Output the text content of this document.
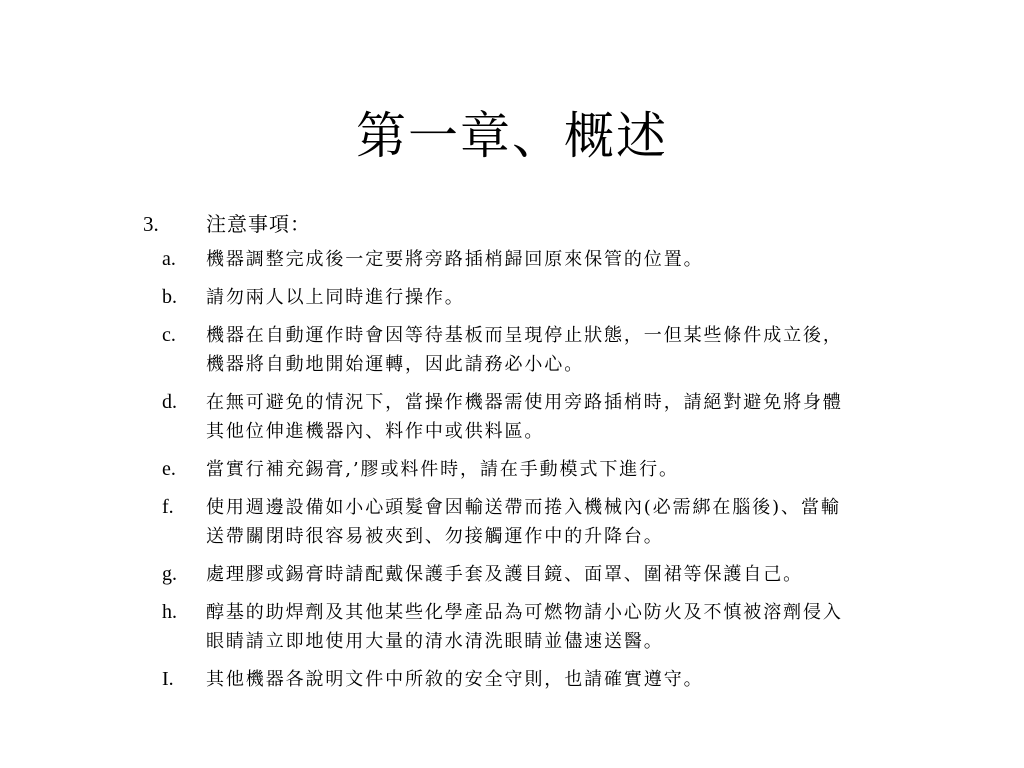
第一章、概述
3. 注意事項：
a.	機器調整完成後一定要將旁路插梢歸回原來保管的位置。
b.	請勿兩人以上同時進行操作。
c.	機器在自動運作時會因等待基板而呈現停止狀態，一但某些條件成立後，
機器將自動地開始運轉，因此請務必小心。
d.	在無可避免的情況下，當操作機器需使用旁路插梢時，請絕對避免將身體
其他位伸進機器內、料作中或供料區。
e.	當實行補充錫膏,’膠或料件時，請在手動模式下進行。
f.	使用週邊設備如小心頭髮會因輸送帶而捲入機械內(必需綁在腦後)、當輸
送帶關閉時很容易被夾到、勿接觸運作中的升降台。
g.	處理膠或錫膏時請配戴保護手套及護目鏡、面罩、圍裙等保護自己。
h.	醇基的助焊劑及其他某些化學產品為可燃物請小心防火及不慎被溶劑侵入
眼睛請立即地使用大量的清水清洗眼睛並儘速送醫。
I.	其他機器各說明文件中所敘的安全守則，也請確實遵守。
